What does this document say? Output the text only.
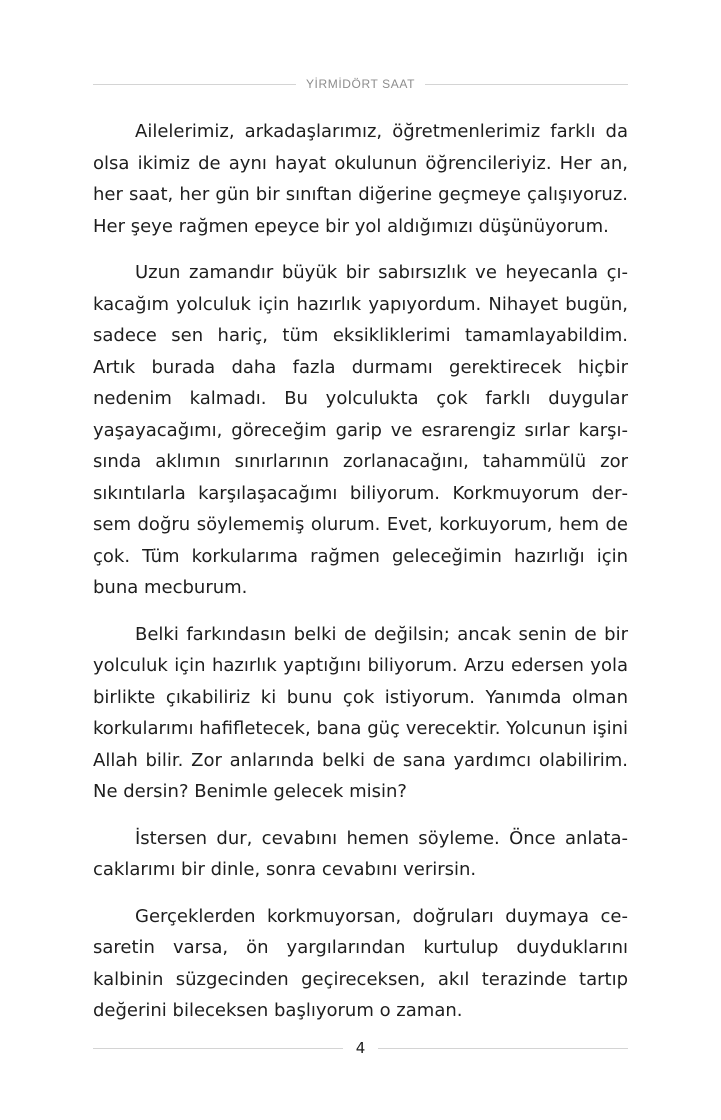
YİRMİDÖRT SAAT

Ailelerimiz, arkadaşlarımız, öğretmenlerimiz farklı da olsa ikimiz de aynı hayat okulunun öğrencileriyiz. Her an, her saat, her gün bir sınıftan diğerine geçmeye çalışıyoruz. Her şeye rağmen epeyce bir yol aldığımızı düşünüyorum.

Uzun zamandır büyük bir sabırsızlık ve heyecanla çıkacağım yolculuk için hazırlık yapıyordum. Nihayet bugün, sadece sen hariç, tüm eksikliklerimi tamamlayabildim. Artık burada daha fazla durmamı gerektirecek hiçbir nedenim kalmadı. Bu yolculukta çok farklı duygular yaşayacağımı, göreceğim garip ve esrarengiz sırlar karşısında aklımın sınırlarının zorlanacağını, tahammülü zor sıkıntılarla karşılaşacağımı biliyorum. Korkmuyorum dersem doğru söylememiş olurum. Evet, korkuyorum, hem de çok. Tüm korkularıma rağmen geleceğimin hazırlığı için buna mecburum.

Belki farkındasın belki de değilsin; ancak senin de bir yolculuk için hazırlık yaptığını biliyorum. Arzu edersen yola birlikte çıkabiliriz ki bunu çok istiyorum. Yanımda olman korkularımı hafifletecek, bana güç verecektir. Yolcunun işini Allah bilir. Zor anlarında belki de sana yardımcı olabilirim. Ne dersin? Benimle gelecek misin?

İstersen dur, cevabını hemen söyleme. Önce anlatacaklarımı bir dinle, sonra cevabını verirsin.

Gerçeklerden korkmuyorsan, doğruları duymaya cesaretin varsa, ön yargılarından kurtulup duyduklarını kalbinin süzgecinden geçireceksen, akıl terazinde tartıp değerini bileceksen başlıyorum o zaman.

4
